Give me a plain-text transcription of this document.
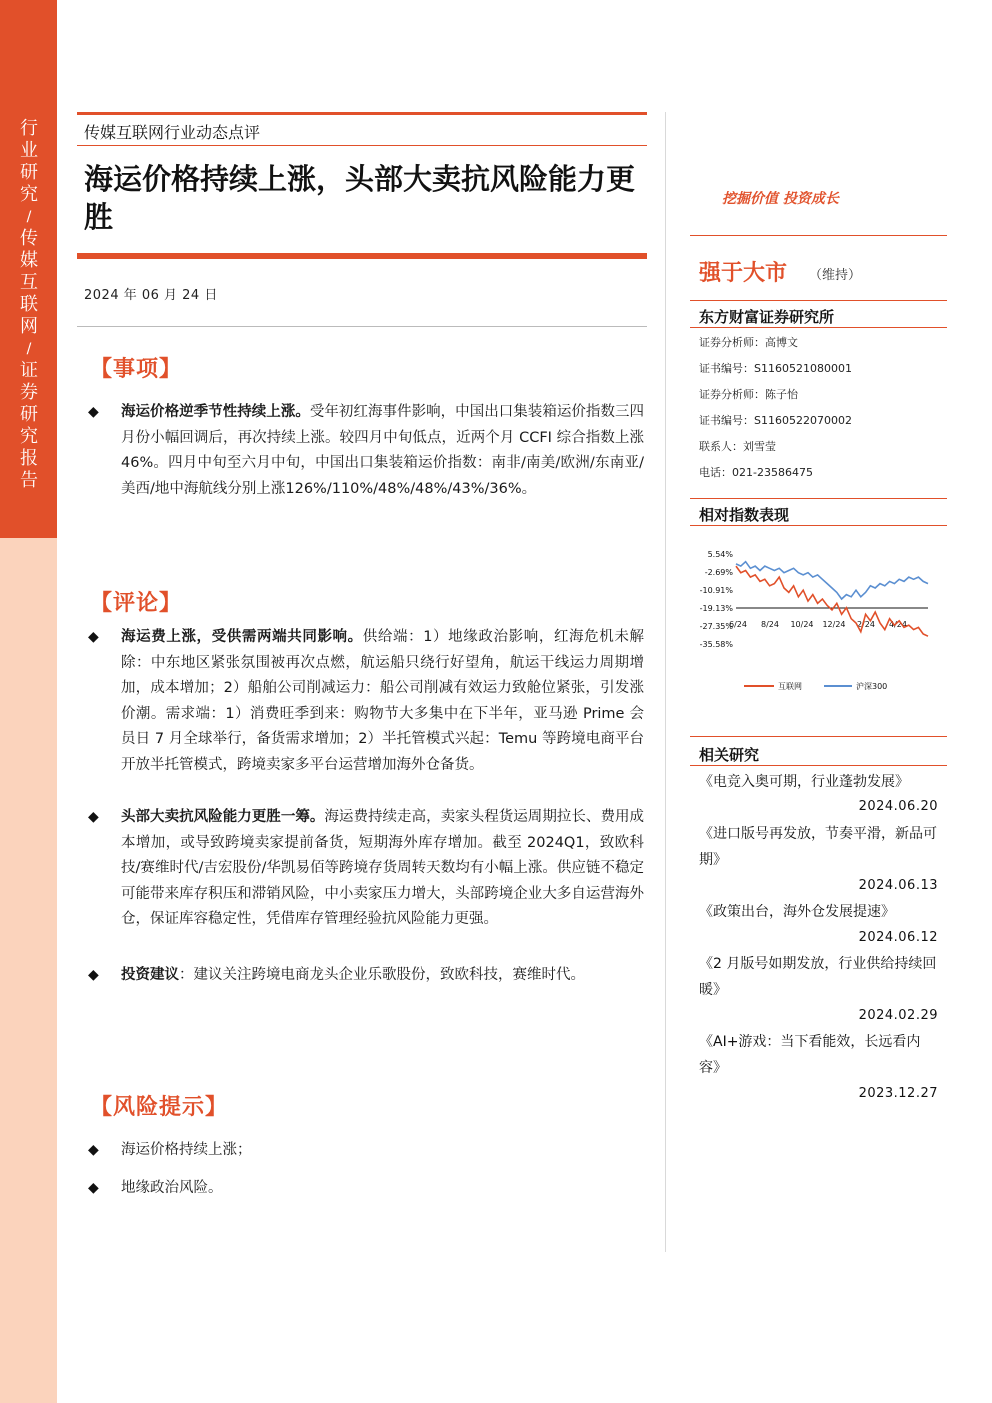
行业研究
/
传媒互联网
/
证券研究报告
传媒互联网行业动态点评
海运价格持续上涨，头部大卖抗风险能力更胜
2024 年 06 月 24 日
【事项】
◆ 海运价格逆季节性持续上涨。受年初红海事件影响，中国出口集装箱运价指数三四月份小幅回调后，再次持续上涨。较四月中旬低点，近两个月 CCFI 综合指数上涨 46%。四月中旬至六月中旬，中国出口集装箱运价指数：南非/南美/欧洲/东南亚/美西/地中海航线分别上涨126%/110%/48%/48%/43%/36%。
【评论】
◆ 海运费上涨，受供需两端共同影响。供给端：1）地缘政治影响，红海危机未解除：中东地区紧张氛围被再次点燃，航运船只绕行好望角，航运干线运力周期增加，成本增加；2）船舶公司削减运力：船公司削减有效运力致舱位紧张，引发涨价潮。需求端：1）消费旺季到来：购物节大多集中在下半年，亚马逊 Prime 会员日 7 月全球举行，备货需求增加；2）半托管模式兴起：Temu 等跨境电商平台开放半托管模式，跨境卖家多平台运营增加海外仓备货。
◆ 头部大卖抗风险能力更胜一筹。海运费持续走高，卖家头程货运周期拉长、费用成本增加，或导致跨境卖家提前备货，短期海外库存增加。截至 2024Q1，致欧科技/赛维时代/吉宏股份/华凯易佰等跨境存货周转天数均有小幅上涨。供应链不稳定可能带来库存积压和滞销风险，中小卖家压力增大，头部跨境企业大多自运营海外仓，保证库容稳定性，凭借库存管理经验抗风险能力更强。
◆ 投资建议：建议关注跨境电商龙头企业乐歌股份，致欧科技，赛维时代。
【风险提示】
◆ 海运价格持续上涨；
◆ 地缘政治风险。
挖掘价值 投资成长
强于大市 （维持）
东方财富证券研究所
证券分析师：高博文
证书编号：S1160521080001
证券分析师：陈子怡
证书编号：S1160522070002
联系人：刘雪莹
电话：021-23586475
相对指数表现
5.54%
-2.69%
-10.91%
-19.13%
-27.35%
-35.58%
6/24 8/24 10/24 12/24 2/24 4/24
互联网	沪深300
相关研究
《电竞入奥可期，行业蓬勃发展》
2024.06.20
《进口版号再发放，节奏平滑，新品可期》
2024.06.13
《政策出台，海外仓发展提速》
2024.06.12
《2 月版号如期发放，行业供给持续回暖》
2024.02.29
《AI+游戏：当下看能效，长远看内容》
2023.12.27
